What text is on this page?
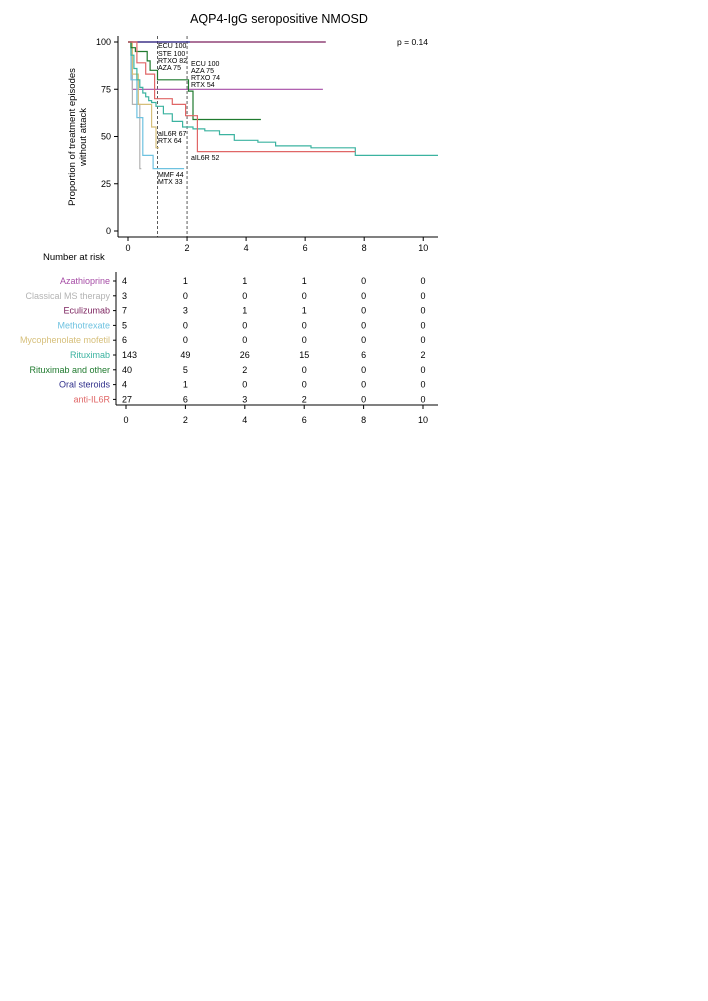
AQP4-IgG seropositive NMOSD
Proportion of treatment episodes without attack
0
25
50
75
100
0	2	4	6	8	10
p = 0.14
ECU 100
STE 100
RTXO 82
AZA 75
ECU 100
AZA 75
RTXO 74
RTX 54
aIL6R 67
RTX 64
aIL6R 52
MMF 44
MTX 33
Number at risk
Azathioprine 4	1	1	1	0	0
Classical MS therapy 3	0	0	0	0	0
Eculizumab 7	3	1	1	0	0
Methotrexate 5	0	0	0	0	0
Mycophenolate mofetil 6	0	0	0	0	0
Rituximab 143	49	26	15	6	2
Rituximab and other 40	5	2	0	0	0
Oral steroids 4	1	0	0	0	0
anti-IL6R 27	6	3	2	0	0
0	2	4	6	8	10
